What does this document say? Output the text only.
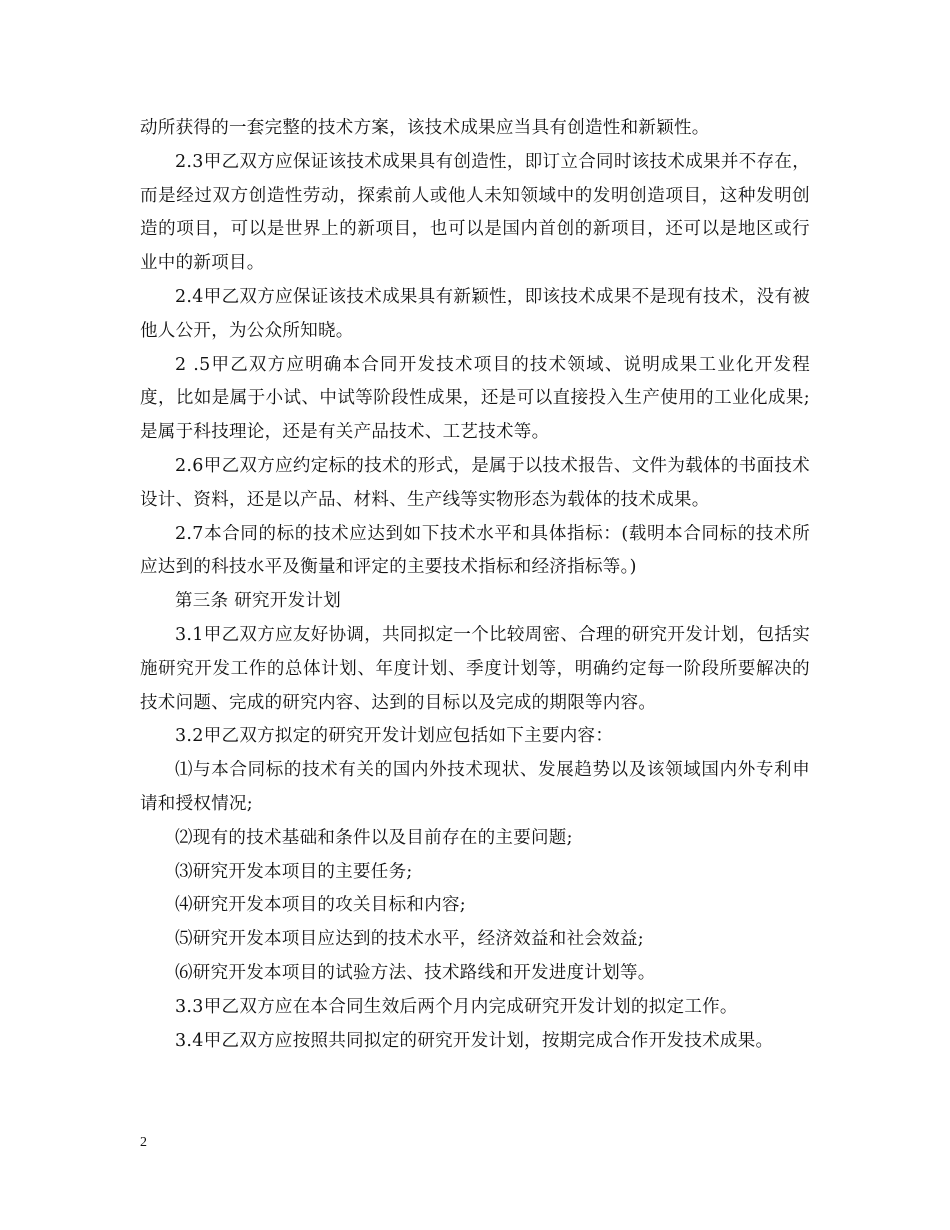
动所获得的一套完整的技术方案，该技术成果应当具有创造性和新颖性。

2.3甲乙双方应保证该技术成果具有创造性，即订立合同时该技术成果并不存在，而是经过双方创造性劳动，探索前人或他人未知领域中的发明创造项目，这种发明创造的项目，可以是世界上的新项目，也可以是国内首创的新项目，还可以是地区或行业中的新项目。

2.4甲乙双方应保证该技术成果具有新颖性，即该技术成果不是现有技术，没有被他人公开，为公众所知晓。

2 .5甲乙双方应明确本合同开发技术项目的技术领域、说明成果工业化开发程度，比如是属于小试、中试等阶段性成果，还是可以直接投入生产使用的工业化成果;是属于科技理论，还是有关产品技术、工艺技术等。

2.6甲乙双方应约定标的技术的形式，是属于以技术报告、文件为载体的书面技术设计、资料，还是以产品、材料、生产线等实物形态为载体的技术成果。

2.7本合同的标的技术应达到如下技术水平和具体指标：(载明本合同标的技术所应达到的科技水平及衡量和评定的主要技术指标和经济指标等。)

第三条 研究开发计划

3.1甲乙双方应友好协调，共同拟定一个比较周密、合理的研究开发计划，包括实施研究开发工作的总体计划、年度计划、季度计划等，明确约定每一阶段所要解决的技术问题、完成的研究内容、达到的目标以及完成的期限等内容。

3.2甲乙双方拟定的研究开发计划应包括如下主要内容：

⑴与本合同标的技术有关的国内外技术现状、发展趋势以及该领域国内外专利申请和授权情况;

⑵现有的技术基础和条件以及目前存在的主要问题;

⑶研究开发本项目的主要任务;

⑷研究开发本项目的攻关目标和内容;

⑸研究开发本项目应达到的技术水平，经济效益和社会效益;

⑹研究开发本项目的试验方法、技术路线和开发进度计划等。

3.3甲乙双方应在本合同生效后两个月内完成研究开发计划的拟定工作。

3.4甲乙双方应按照共同拟定的研究开发计划，按期完成合作开发技术成果。

2
